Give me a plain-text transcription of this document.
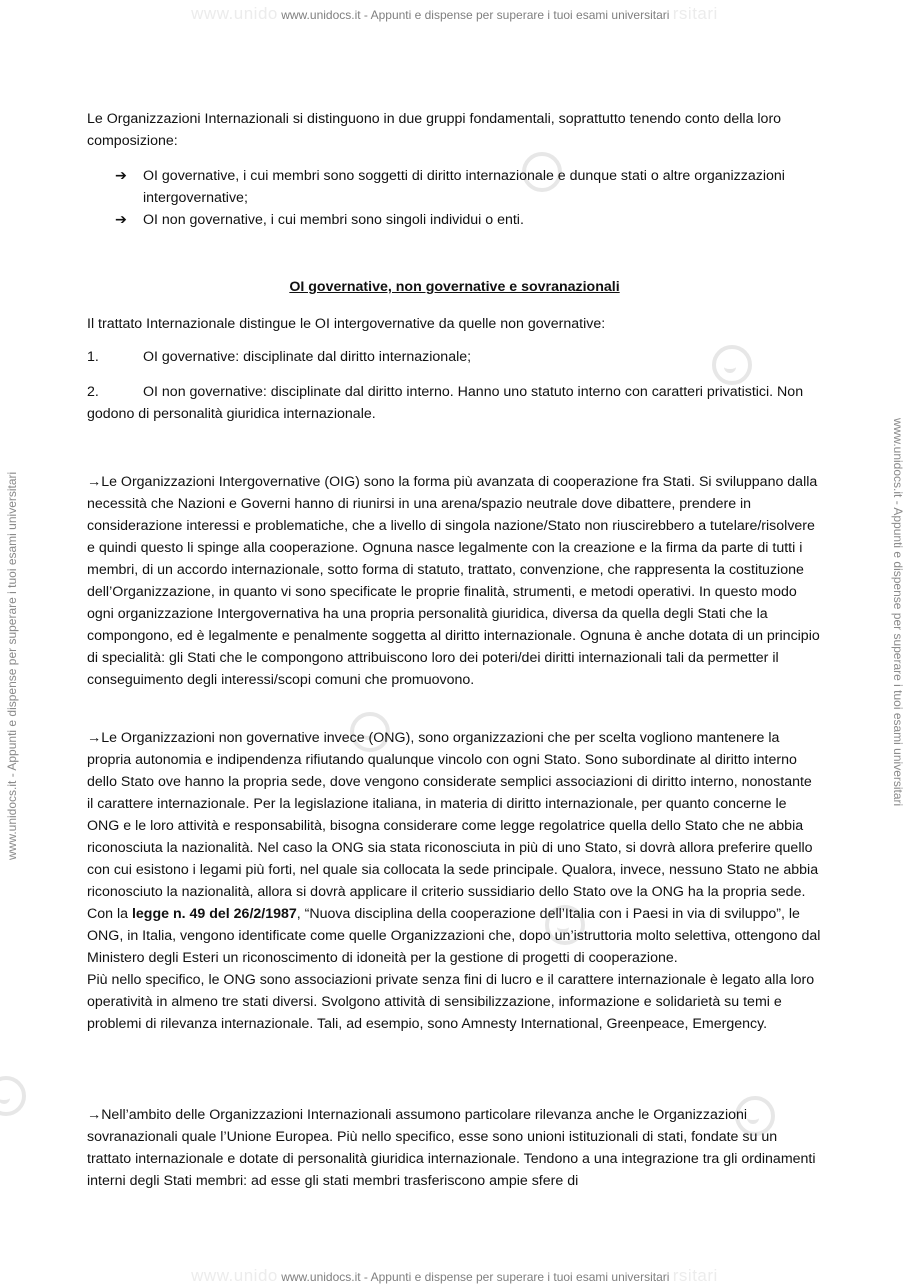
www.unido www.unidocs.it - Appunti e dispense per superare i tuoi esami universitari rsitari
www.unidocs.it - Appunti e dispense per superare i tuoi esami universitari	www.unidocs.it - Appunti e dispense per superare i tuoi esami universitari

Le Organizzazioni Internazionali si distinguono in due gruppi fondamentali, soprattutto tenendo conto della loro composizione:

➔ OI governative, i cui membri sono soggetti di diritto internazionale e dunque stati o altre organizzazioni intergovernative;
➔ OI non governative, i cui membri sono singoli individui o enti.
OI governative, non governative e sovranazionali

Il trattato Internazionale distingue le OI intergovernative da quelle non governative:

1.	OI governative: disciplinate dal diritto internazionale;
2.	OI non governative: disciplinate dal diritto interno. Hanno uno statuto interno con caratteri privatistici. Non godono di personalità giuridica internazionale.

→Le Organizzazioni Intergovernative (OIG) sono la forma più avanzata di cooperazione fra Stati. Si sviluppano dalla necessità che Nazioni e Governi hanno di riunirsi in una arena/spazio neutrale dove dibattere, prendere in considerazione interessi e problematiche, che a livello di singola nazione/Stato non riuscirebbero a tutelare/risolvere e quindi questo li spinge alla cooperazione. Ognuna nasce legalmente con la creazione e la firma da parte di tutti i membri, di un accordo internazionale, sotto forma di statuto, trattato, convenzione, che rappresenta la costituzione dell’Organizzazione, in quanto vi sono specificate le proprie finalità, strumenti, e metodi operativi. In questo modo ogni organizzazione Intergovernativa ha una propria personalità giuridica, diversa da quella degli Stati che la compongono, ed è legalmente e penalmente soggetta al diritto internazionale. Ognuna è anche dotata di un principio di specialità: gli Stati che le compongono attribuiscono loro dei poteri/dei diritti internazionali tali da permetter il conseguimento degli interessi/scopi comuni che promuovono.

→Le Organizzazioni non governative invece (ONG), sono organizzazioni che per scelta vogliono mantenere la propria autonomia e indipendenza rifiutando qualunque vincolo con ogni Stato. Sono subordinate al diritto interno dello Stato ove hanno la propria sede, dove vengono considerate semplici associazioni di diritto interno, nonostante il carattere internazionale. Per la legislazione italiana, in materia di diritto internazionale, per quanto concerne le ONG e le loro attività e responsabilità, bisogna considerare come legge regolatrice quella dello Stato che ne abbia riconosciuta la nazionalità. Nel caso la ONG sia stata riconosciuta in più di uno Stato, si dovrà allora preferire quello con cui esistono i legami più forti, nel quale sia collocata la sede principale. Qualora, invece, nessuno Stato ne abbia riconosciuto la nazionalità, allora si dovrà applicare il criterio sussidiario dello Stato ove la ONG ha la propria sede. Con la legge n. 49 del 26/2/1987, “Nuova disciplina della cooperazione dell’Italia con i Paesi in via di sviluppo”, le ONG, in Italia, vengono identificate come quelle Organizzazioni che, dopo un’istruttoria molto selettiva, ottengono dal Ministero degli Esteri un riconoscimento di idoneità per la gestione di progetti di cooperazione.

Più nello specifico, le ONG sono associazioni private senza fini di lucro e il carattere internazionale è legato alla loro operatività in almeno tre stati diversi. Svolgono attività di sensibilizzazione, informazione e solidarietà su temi e problemi di rilevanza internazionale. Tali, ad esempio, sono Amnesty International, Greenpeace, Emergency.

→Nell’ambito delle Organizzazioni Internazionali assumono particolare rilevanza anche le Organizzazioni sovranazionali quale l’Unione Europea. Più nello specifico, esse sono unioni istituzionali di stati, fondate su un trattato internazionale e dotate di personalità giuridica internazionale. Tendono a una integrazione tra gli ordinamenti interni degli Stati membri: ad esse gli stati membri trasferiscono ampie sfere di

www.unido www.unidocs.it - Appunti e dispense per superare i tuoi esami universitari rsitari
